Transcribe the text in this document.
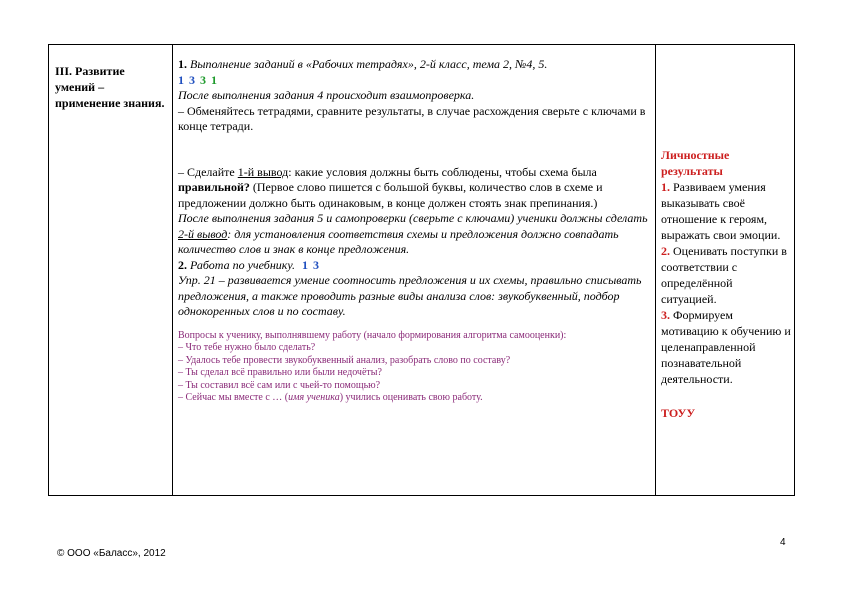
III. Развитие умений – применение знания.

1. Выполнение заданий в «Рабочих тетрадях», 2-й класс, тема 2, №4, 5.

1 3 3 1

После выполнения задания 4 происходит взаимопроверка.

– Обменяйтесь тетрадями, сравните результаты, в случае расхождения сверьте с ключами в конце тетради.

– Сделайте 1-й вывод: какие условия должны быть соблюдены, чтобы схема была правильной? (Первое слово пишется с большой буквы, количество слов в схеме и предложении должно быть одинаковым, в конце должен стоять знак препинания.)

После выполнения задания 5 и самопроверки (сверьте с ключами) ученики должны сделать 2-й вывод: для установления соответствия схемы и предложения должно совпадать количество слов и знак в конце предложения.

2. Работа по учебнику. 1 3

Упр. 21 – развивается умение соотносить предложения и их схемы, правильно списывать предложения, а также проводить разные виды анализа слов: звукобуквенный, подбор однокоренных слов и по составу.

Вопросы к ученику, выполнявшему работу (начало формирования алгоритма самооценки):
– Что тебе нужно было сделать?
– Удалось тебе провести звукобуквенный анализ, разобрать слово по составу?
– Ты сделал всё правильно или были недочёты?
– Ты составил всё сам или с чьей-то помощью?
– Сейчас мы вместе с … (имя ученика) учились оценивать свою работу.
Личностные результаты
1. Развиваем умения выказывать своё отношение к героям, выражать свои эмоции.
2. Оценивать поступки в соответствии с определённой ситуацией.
3. Формируем мотивацию к обучению и целенаправленной познавательной деятельности.
ТОУУ
4
© ООО «Баласс», 2012
